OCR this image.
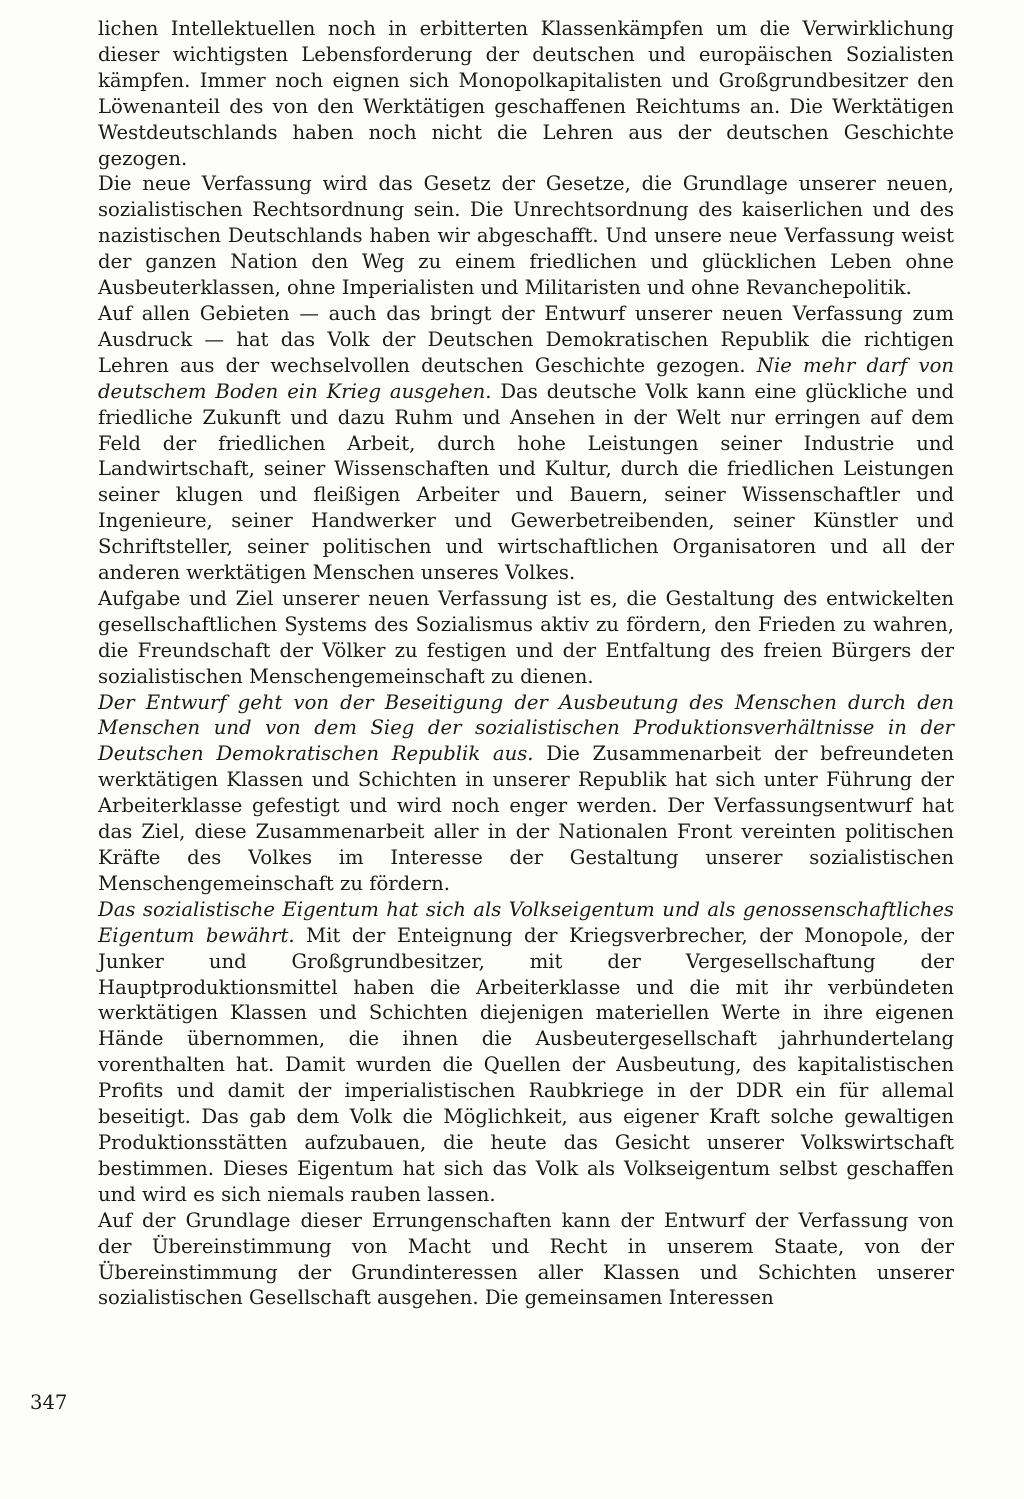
lichen Intellektuellen noch in erbitterten Klassenkämpfen um die Verwirklichung dieser wichtigsten Lebensforderung der deutschen und europäischen Sozialisten kämpfen. Immer noch eignen sich Monopolkapitalisten und Großgrundbesitzer den Löwenanteil des von den Werktätigen geschaffenen Reichtums an. Die Werktätigen Westdeutschlands haben noch nicht die Lehren aus der deutschen Geschichte gezogen.

Die neue Verfassung wird das Gesetz der Gesetze, die Grundlage unserer neuen, sozialistischen Rechtsordnung sein. Die Unrechtsordnung des kaiserlichen und des nazistischen Deutschlands haben wir abgeschafft. Und unsere neue Verfassung weist der ganzen Nation den Weg zu einem friedlichen und glücklichen Leben ohne Ausbeuterklassen, ohne Imperialisten und Militaristen und ohne Revanchepolitik.

Auf allen Gebieten — auch das bringt der Entwurf unserer neuen Verfassung zum Ausdruck — hat das Volk der Deutschen Demokratischen Republik die richtigen Lehren aus der wechselvollen deutschen Geschichte gezogen. Nie mehr darf von deutschem Boden ein Krieg ausgehen. Das deutsche Volk kann eine glückliche und friedliche Zukunft und dazu Ruhm und Ansehen in der Welt nur erringen auf dem Feld der friedlichen Arbeit, durch hohe Leistungen seiner Industrie und Landwirtschaft, seiner Wissenschaften und Kultur, durch die friedlichen Leistungen seiner klugen und fleißigen Arbeiter und Bauern, seiner Wissenschaftler und Ingenieure, seiner Handwerker und Gewerbetreibenden, seiner Künstler und Schriftsteller, seiner politischen und wirtschaftlichen Organisatoren und all der anderen werktätigen Menschen unseres Volkes.

Aufgabe und Ziel unserer neuen Verfassung ist es, die Gestaltung des entwickelten gesellschaftlichen Systems des Sozialismus aktiv zu fördern, den Frieden zu wahren, die Freundschaft der Völker zu festigen und der Entfaltung des freien Bürgers der sozialistischen Menschengemeinschaft zu dienen.

Der Entwurf geht von der Beseitigung der Ausbeutung des Menschen durch den Menschen und von dem Sieg der sozialistischen Produktionsverhältnisse in der Deutschen Demokratischen Republik aus. Die Zusammenarbeit der befreundeten werktätigen Klassen und Schichten in unserer Republik hat sich unter Führung der Arbeiterklasse gefestigt und wird noch enger werden. Der Verfassungsentwurf hat das Ziel, diese Zusammenarbeit aller in der Nationalen Front vereinten politischen Kräfte des Volkes im Interesse der Gestaltung unserer sozialistischen Menschengemeinschaft zu fördern.

Das sozialistische Eigentum hat sich als Volkseigentum und als genossenschaftliches Eigentum bewährt. Mit der Enteignung der Kriegsverbrecher, der Monopole, der Junker und Großgrundbesitzer, mit der Vergesellschaftung der Hauptproduktionsmittel haben die Arbeiterklasse und die mit ihr verbündeten werktätigen Klassen und Schichten diejenigen materiellen Werte in ihre eigenen Hände übernommen, die ihnen die Ausbeutergesellschaft jahrhundertelang vorenthalten hat. Damit wurden die Quellen der Ausbeutung, des kapitalistischen Profits und damit der imperialistischen Raubkriege in der DDR ein für allemal beseitigt. Das gab dem Volk die Möglichkeit, aus eigener Kraft solche gewaltigen Produktionsstätten aufzubauen, die heute das Gesicht unserer Volkswirtschaft bestimmen. Dieses Eigentum hat sich das Volk als Volkseigentum selbst geschaffen und wird es sich niemals rauben lassen.

Auf der Grundlage dieser Errungenschaften kann der Entwurf der Verfassung von der Übereinstimmung von Macht und Recht in unserem Staate, von der Übereinstimmung der Grundinteressen aller Klassen und Schichten unserer sozialistischen Gesellschaft ausgehen. Die gemeinsamen Interessen

347
